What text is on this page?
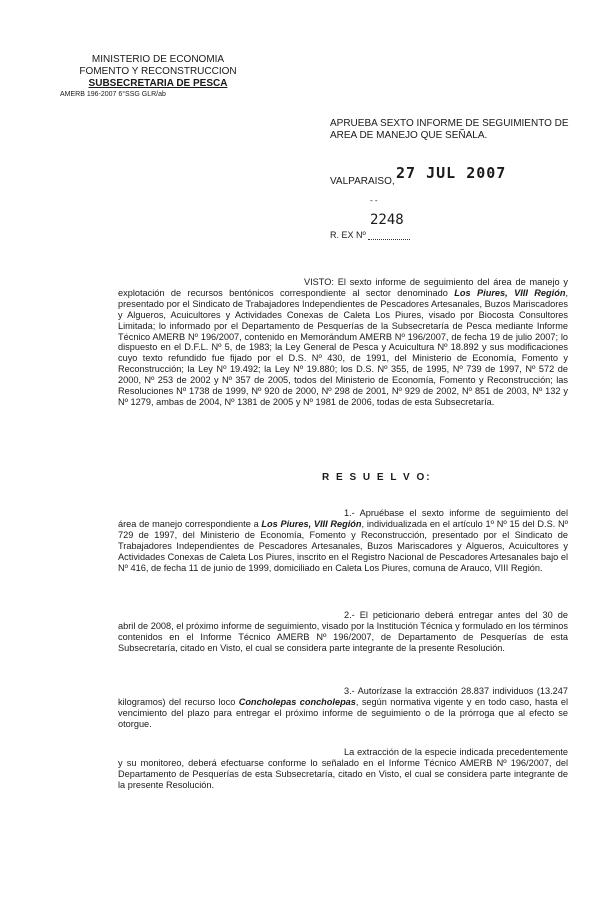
MINISTERIO DE ECONOMIA
FOMENTO Y RECONSTRUCCION
SUBSECRETARIA DE PESCA
AMERB 196-2007 6°SSG GLR/ab
APRUEBA SEXTO INFORME DE SEGUIMIENTO DE AREA DE MANEJO QUE SEÑALA.
VALPARAISO, 27 JUL 2007
- -
2248
R. EX Nº
VISTO: El sexto informe de seguimiento del área de manejo y explotación de recursos bentónicos correspondiente al sector denominado Los Piures, VIII Región, presentado por el Sindicato de Trabajadores Independientes de Pescadores Artesanales, Buzos Mariscadores y Algueros, Acuicultores y Actividades Conexas de Caleta Los Piures, visado por Biocosta Consultores Limitada; lo informado por el Departamento de Pesquerías de la Subsecretaría de Pesca mediante Informe Técnico AMERB Nº 196/2007, contenido en Memorándum AMERB Nº 196/2007, de fecha 19 de julio 2007; lo dispuesto en el D.F.L. Nº 5, de 1983; la Ley General de Pesca y Acuicultura Nº 18.892 y sus modificaciones cuyo texto refundido fue fijado por el D.S. Nº 430, de 1991, del Ministerio de Economía, Fomento y Reconstrucción; la Ley Nº 19.492; la Ley Nº 19.880; los D.S. Nº 355, de 1995, Nº 739 de 1997, Nº 572 de 2000, Nº 253 de 2002 y Nº 357 de 2005, todos del Ministerio de Economía, Fomento y Reconstrucción; las Resoluciones Nº 1738 de 1999, Nº 920 de 2000, Nº 298 de 2001, Nº 929 de 2002, Nº 851 de 2003, Nº 132 y Nº 1279, ambas de 2004, Nº 1381 de 2005 y Nº 1981 de 2006, todas de esta Subsecretaría.
R E S U E L V O:
1.- Apruébase el sexto informe de seguimiento del área de manejo correspondiente a Los Piures, VIII Región, individualizada en el artículo 1º Nº 15 del D.S. Nº 729 de 1997, del Ministerio de Economía, Fomento y Reconstrucción, presentado por el Sindicato de Trabajadores Independientes de Pescadores Artesanales, Buzos Mariscadores y Algueros, Acuicultores y Actividades Conexas de Caleta Los Piures, inscrito en el Registro Nacional de Pescadores Artesanales bajo el Nº 416, de fecha 11 de junio de 1999, domiciliado en Caleta Los Piures, comuna de Arauco, VIII Región.
2.- El peticionario deberá entregar antes del 30 de abril de 2008, el próximo informe de seguimiento, visado por la Institución Técnica y formulado en los términos contenidos en el Informe Técnico AMERB Nº 196/2007, de Departamento de Pesquerías de esta Subsecretaría, citado en Visto, el cual se considera parte integrante de la presente Resolución.
3.- Autorízase la extracción 28.837 individuos (13.247 kilogramos) del recurso loco Concholepas concholepas, según normativa vigente y en todo caso, hasta el vencimiento del plazo para entregar el próximo informe de seguimiento o de la prórroga que al efecto se otorgue.
La extracción de la especie indicada precedentemente y su monitoreo, deberá efectuarse conforme lo señalado en el Informe Técnico AMERB Nº 196/2007, del Departamento de Pesquerías de esta Subsecretaría, citado en Visto, el cual se considera parte integrante de la presente Resolución.
